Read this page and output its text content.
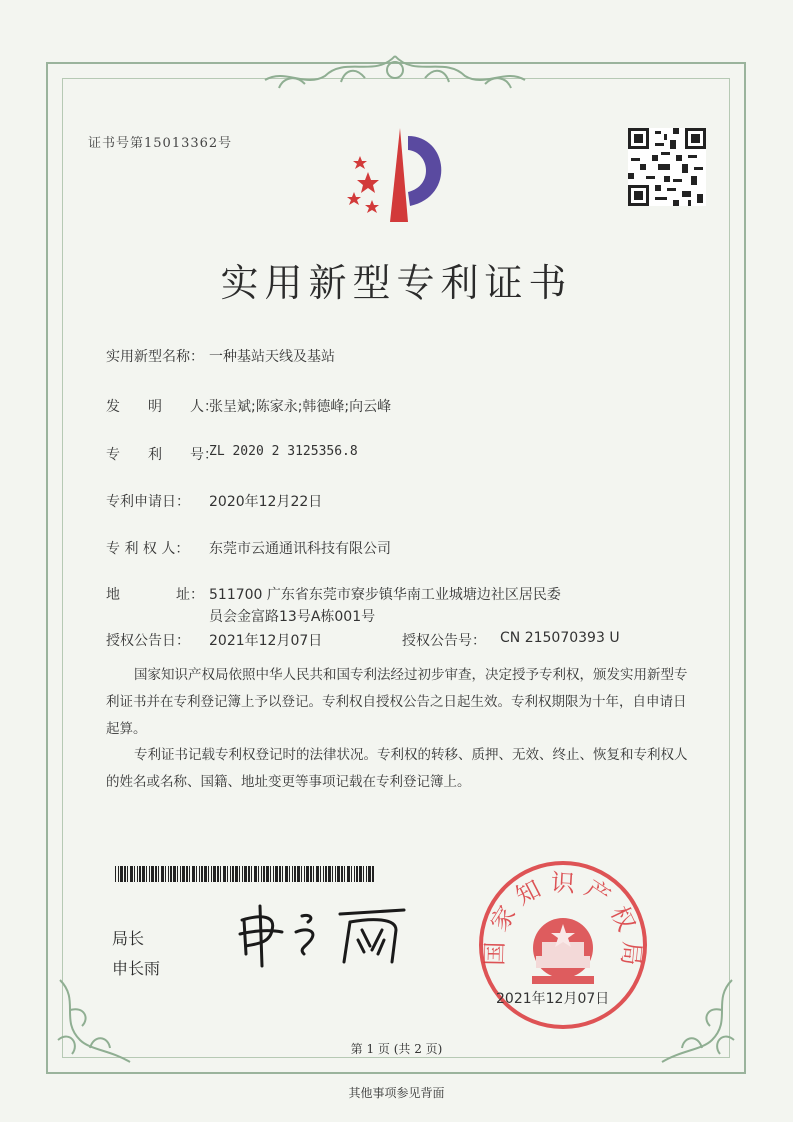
证书号第15013362号
实用新型专利证书
实用新型名称： 一种基站天线及基站
发　　明　　人：
张呈斌;陈家永;韩德峰;向云峰
专　　利　　号：
ZL 2020 2 3125356.8
专利申请日： 2020年12月22日
专 利 权 人： 东莞市云通通讯科技有限公司
地　　　　址： 511700 广东省东莞市寮步镇华南工业城塘边社区居民委
员会金富路13号A栋001号
授权公告日： 2021年12月07日	授权公告号： CN 215070393 U
国家知识产权局依照中华人民共和国专利法经过初步审查，决定授予专利权，颁发实用新型专利证书并在专利登记簿上予以登记。专利权自授权公告之日起生效。专利权期限为十年，自申请日起算。
专利证书记载专利权登记时的法律状况。专利权的转移、质押、无效、终止、恢复和专利权人的姓名或名称、国籍、地址变更等事项记载在专利登记簿上。
局长
申长雨
国家知识产权局
2021年12月07日
第 1 页 (共 2 页)
其他事项参见背面
